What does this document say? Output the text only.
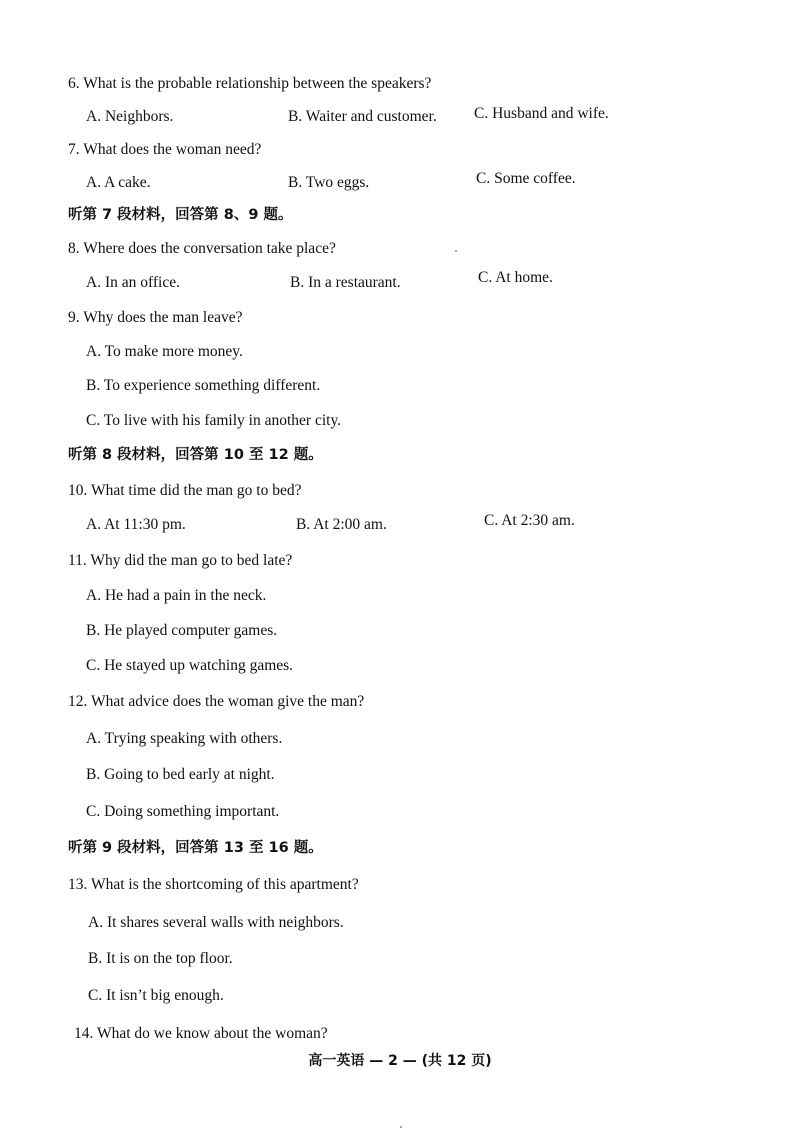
6. What is the probable relationship between the speakers?
A. Neighbors.	B. Waiter and customer. C. Husband and wife.
7. What does the woman need?
A. A cake.	B. Two eggs.	C. Some coffee.
听第 7 段材料，回答第 8、9 题。
8. Where does the conversation take place?
A. In an office.	B. In a restaurant.	C. At home.
9. Why does the man leave?
A. To make more money.
B. To experience something different.
C. To live with his family in another city.
听第 8 段材料，回答第 10 至 12 题。
10. What time did the man go to bed?
A. At 11:30 pm.	B. At 2:00 am.	C. At 2:30 am.
11. Why did the man go to bed late?
A. He had a pain in the neck.
B. He played computer games.
C. He stayed up watching games.
12. What advice does the woman give the man?
A. Trying speaking with others.
B. Going to bed early at night.
C. Doing something important.
听第 9 段材料，回答第 13 至 16 题。
13. What is the shortcoming of this apartment?
A. It shares several walls with neighbors.
B. It is on the top floor.
C. It isn’t big enough.
14. What do we know about the woman?
高一英语 — 2 — (共 12 页)
